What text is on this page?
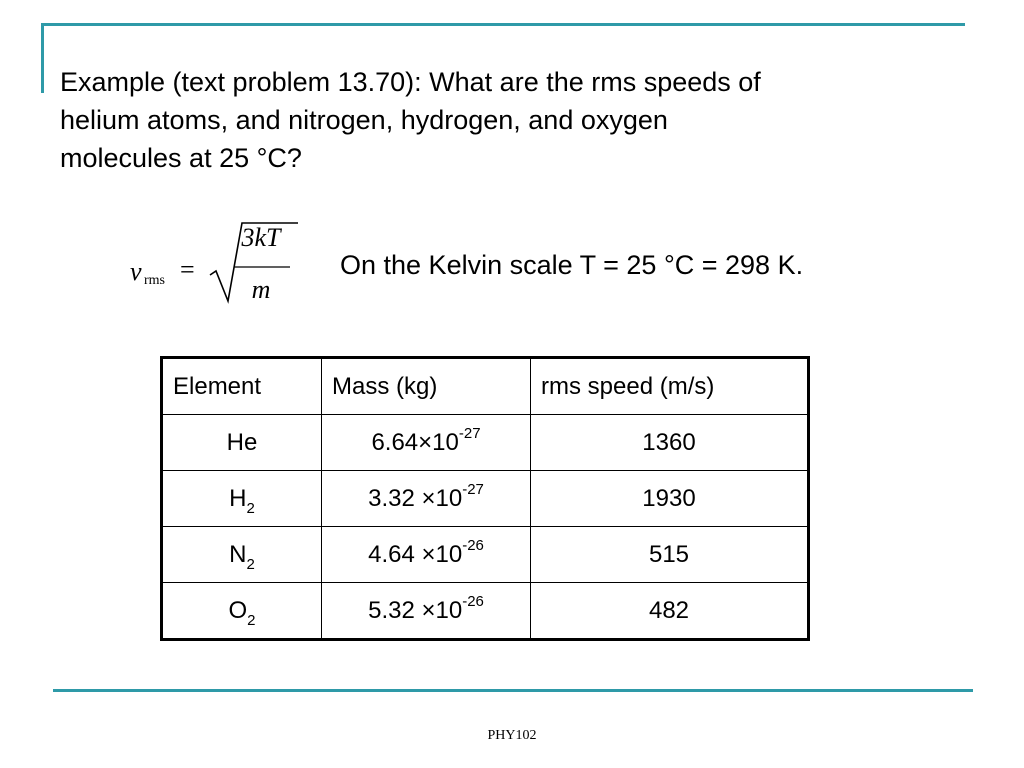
Example (text problem 13.70): What are the rms speeds of
helium atoms, and nitrogen, hydrogen, and oxygen
molecules at 25 °C?
v rms =
3kT
m
On the Kelvin scale T = 25 °C = 298 K.
Element	Mass (kg)	rms speed (m/s)
He	$6.64\times 10^{-27}$	1360
$H_2$	$3.32 \times 10^{-27}$	1930
$N_2$	$4.64 \times 10^{-26}$	515
$O_2$	$5.32 \times 10^{-26}$	482
PHY102
